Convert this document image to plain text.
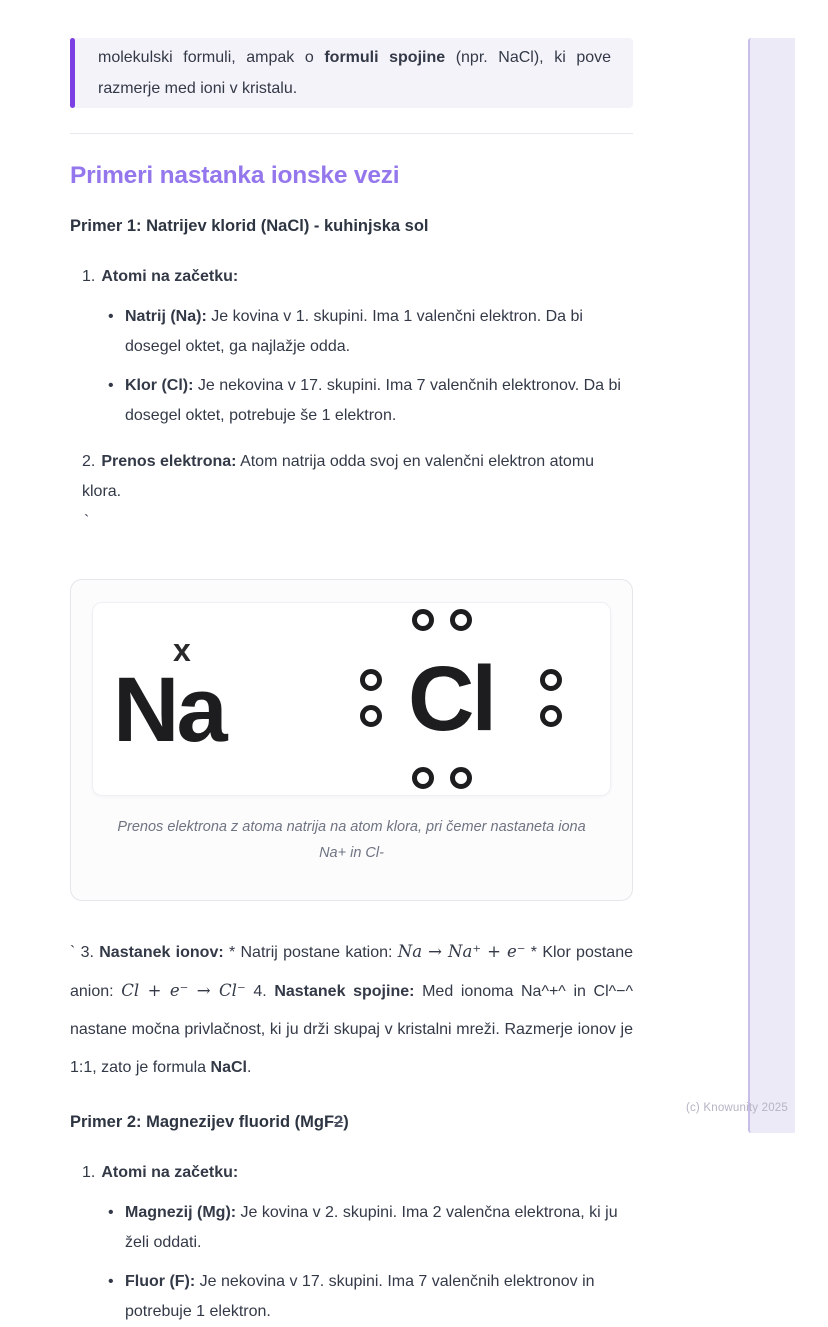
molekulski formuli, ampak o formuli spojine (npr. NaCl), ki pove razmerje med ioni v kristalu.

Primeri nastanka ionske vezi
Primer 1: Natrijev klorid (NaCl) - kuhinjska sol
1. Atomi na začetku:
• Natrij (Na): Je kovina v 1. skupini. Ima 1 valenčni elektron. Da bi dosegel oktet, ga najlažje odda.
• Klor (Cl): Je nekovina v 17. skupini. Ima 7 valenčnih elektronov. Da bi dosegel oktet, potrebuje še 1 elektron.
2. Prenos elektrona: Atom natrija odda svoj en valenčni elektron atomu klora.
`
x
Na Cl
Prenos elektrona z atoma natrija na atom klora, pri čemer nastaneta iona
Na+ in Cl-

` 3. Nastanek ionov: * Natrij postane kation: Na → Na⁺ + e⁻ * Klor postane anion: Cl + e⁻ → Cl⁻ 4. Nastanek spojine: Med ionoma Na^+^ in Cl^−^ nastane močna privlačnost, ki ju drži skupaj v kristalni mreži. Razmerje ionov je 1:1, zato je formula NaCl.

Primer 2: Magnezijev fluorid (MgF2)
1. Atomi na začetku:
• Magnezij (Mg): Je kovina v 2. skupini. Ima 2 valenčna elektrona, ki ju želi oddati.
• Fluor (F): Je nekovina v 17. skupini. Ima 7 valenčnih elektronov in potrebuje 1 elektron.
(c) Knowunity 2025
